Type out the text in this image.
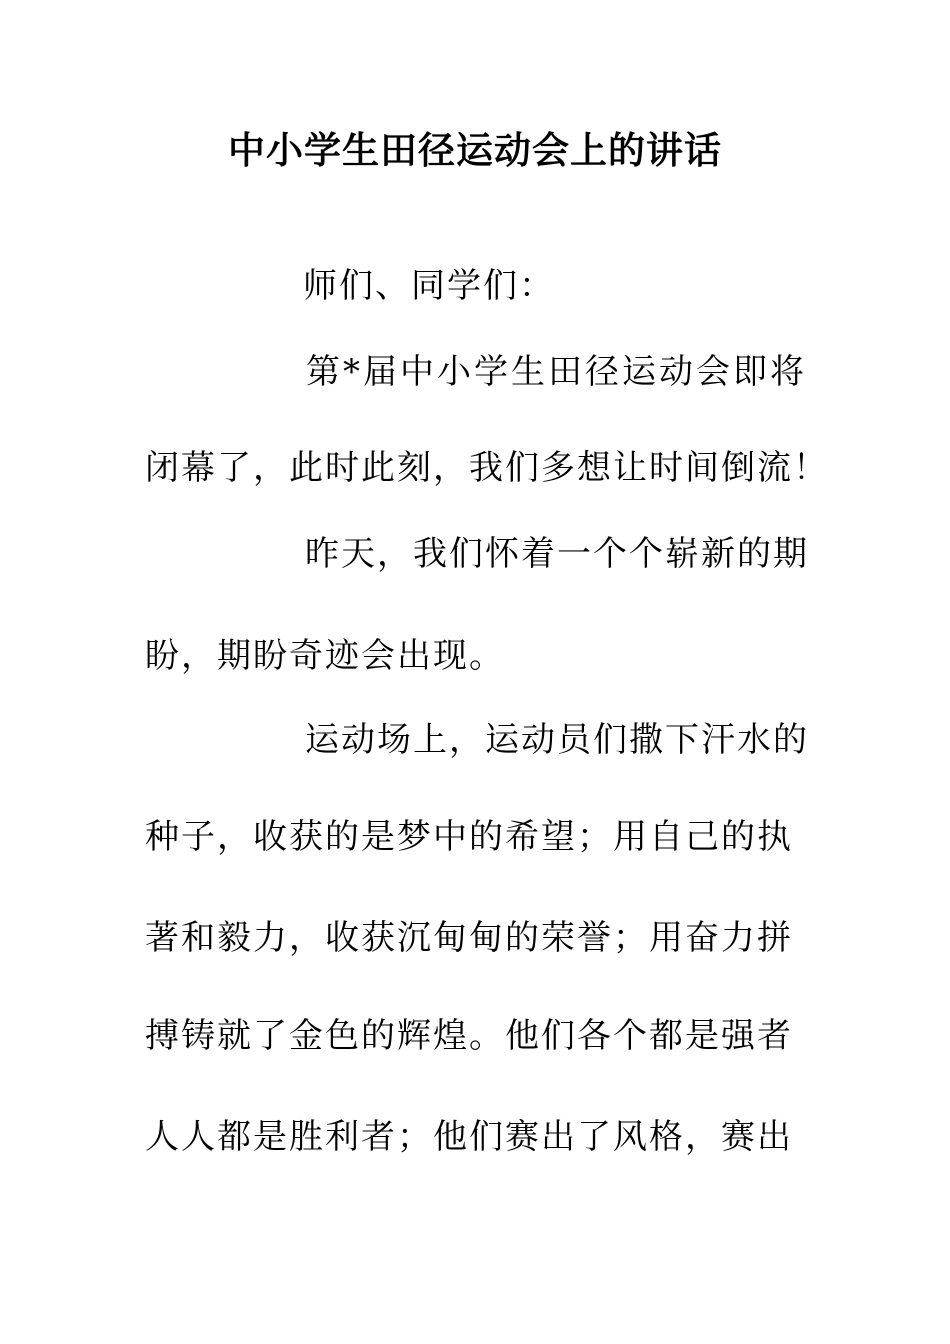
中小学生田径运动会上的讲话
师们、同学们：
第*届中小学生田径运动会即将
闭幕了，此时此刻，我们多想让时间倒流！
昨天，我们怀着一个个崭新的期
盼，期盼奇迹会出现。
运动场上，运动员们撒下汗水的
种子，收获的是梦中的希望；用自己的执
著和毅力，收获沉甸甸的荣誉；用奋力拼
搏铸就了金色的辉煌。他们各个都是强者
人人都是胜利者；他们赛出了风格，赛出
